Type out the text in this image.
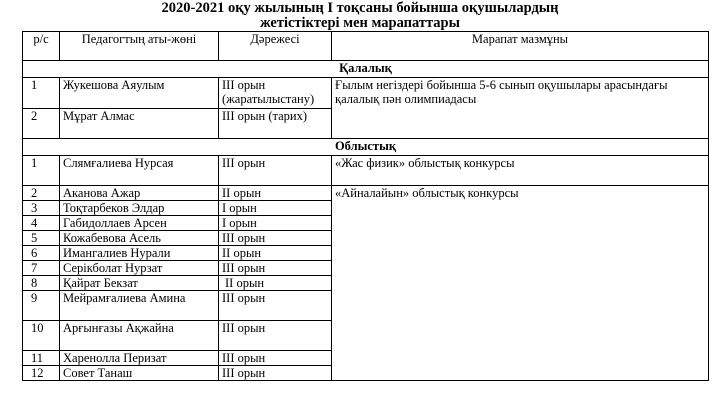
2020-2021 оқу жылының І тоқсаны бойынша оқушылардың
жетістіктері мен марапаттары
р/с	Педагогтың аты-жөні	Дәрежесі	Марапат мазмұны
Қалалық			
1	Жукешова Аяулым	ІІІ орын (жаратылыстану)	Ғылым негіздері бойынша 5-6 сынып оқушылары арасындағы қалалық пән олимпиадасы
2	Мұрат Алмас	ІІІ орын (тарих)	
Облыстық			
1	Слямғалиева Нурсая	ІІІ орын	«Жас физик» облыстық конкурсы
2	Аканова Ажар	ІІ орын	«Айналайын» облыстық конкурсы
3	Тоқтарбеков Элдар	І орын	
4	Габидоллаев Арсен	І орын	
5	Кожабевова Асель	ІІІ орын	
6	Имангалиев Нурали	ІІ орын	
7	Серікболат Нурзат	ІІІ орын	
8	Қайрат Бекзат	ІІ орын	
9	Мейрамғалиева Амина	ІІІ орын	
10	Арғынғазы Ақжайна	ІІІ орын	
11	Харенолла Перизат	ІІІ орын	
12	Совет Танаш	ІІІ орын	
